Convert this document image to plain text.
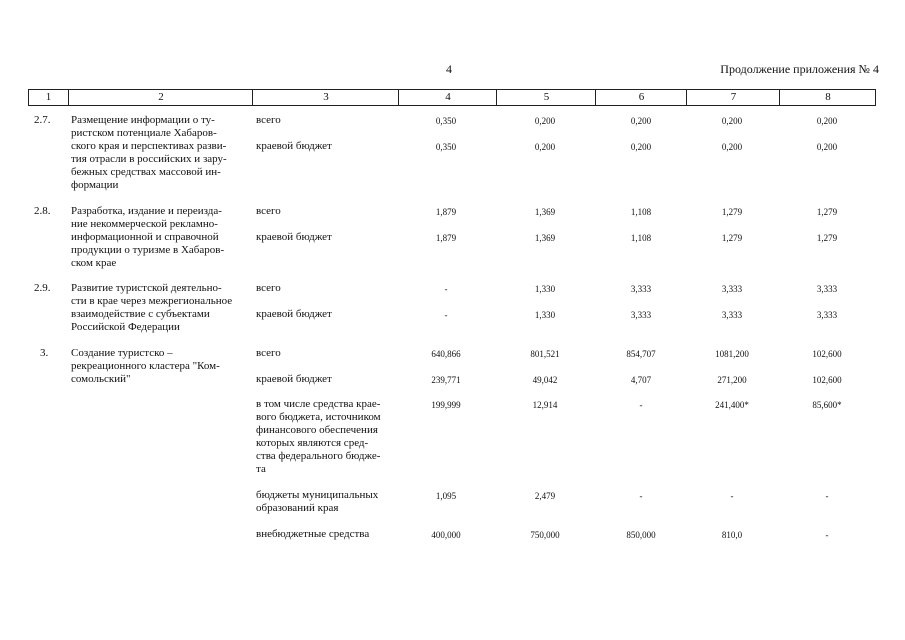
4	Продолжение приложения № 4
1	2	3	4	5	6	7	8
2.7.	Размещение информации о ту-
ристском потенциале Хабаров-
ского края и перспективах разви-
тия отрасли в российских и зару-
бежных средствах массовой ин-
формации
всего	0,350	0,200	0,200	0,200	0,200
краевой бюджет	0,350	0,200	0,200	0,200	0,200
2.8.	Разработка, издание и переизда-
ние некоммерческой рекламно-
информационной и справочной
продукции о туризме в Хабаров-
ском крае
всего	1,879	1,369	1,108	1,279	1,279
краевой бюджет	1,879	1,369	1,108	1,279	1,279
2.9.	Развитие туристской деятельно-
сти в крае через межрегиональное
взаимодействие с субъектами
Российской Федерации
всего	-	1,330	3,333	3,333	3,333
краевой бюджет	-	1,330	3,333	3,333	3,333
3.	Создание туристско –
рекреационного кластера "Ком-
сомольский"
всего	640,866	801,521	854,707	1081,200	102,600
краевой бюджет	239,771	49,042	4,707	271,200	102,600
в том числе средства крае-
вого бюджета, источником
финансового обеспечения
которых являются сред-
ства федерального бюдже-
та
199,999	12,914	-	241,400*	85,600*
бюджеты муниципальных
образований края
1,095	2,479	-	-	-
внебюджетные средства	400,000	750,000	850,000	810,0	-
